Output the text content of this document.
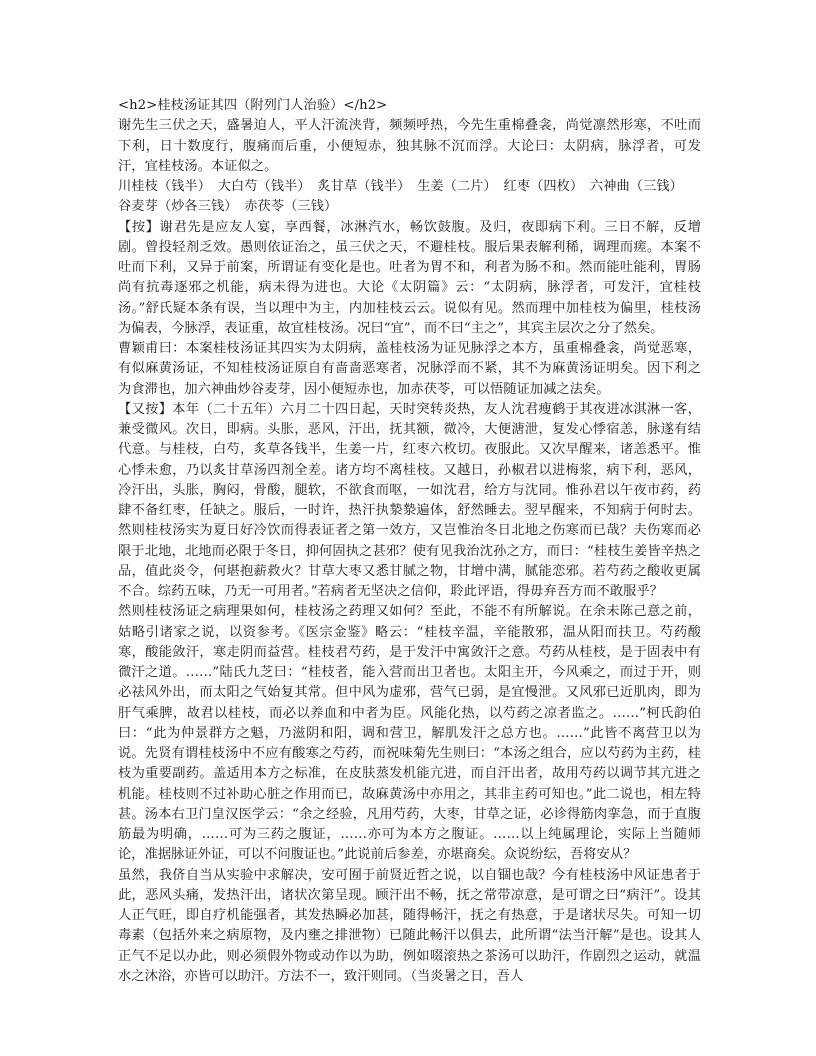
<h2>桂枝汤证其四（附列门人治验）</h2>

谢先生三伏之天，盛暑迫人，平人汗流浃背，频频呼热，今先生重棉叠衾，尚觉凛然形寒，不吐而下利，日十数度行，腹痛而后重，小便短赤，独其脉不沉而浮。大论曰：太阴病，脉浮者，可发汗，宜桂枝汤。本证似之。

川桂枝（钱半）　大白芍（钱半）　炙甘草（钱半）　生姜（二片）　红枣（四枚）　六神曲（三钱）　谷麦芽（炒各三钱）　赤茯苓（三钱）

【按】谢君先是应友人宴，享西餐，冰淋汽水，畅饮鼓腹。及归，夜即病下利。三日不解，反增剧。曾投轻剂乏效。愚则依证治之，虽三伏之天，不避桂枝。服后果表解利稀，调理而瘥。本案不吐而下利，又异于前案，所谓证有变化是也。吐者为胃不和，利者为肠不和。然而能吐能利，胃肠尚有抗毒逐邪之机能，病未得为进也。大论《太阴篇》云：“太阴病，脉浮者，可发汗，宜桂枝汤。”舒氏疑本条有误，当以理中为主，内加桂枝云云。说似有见。然而理中加桂枝为偏里，桂枝汤为偏表，今脉浮，表证重，故宜桂枝汤。况曰“宜”，而不曰“主之”，其宾主层次之分了然矣。

曹颖甫曰：本案桂枝汤证其四实为太阴病，盖桂枝汤为证见脉浮之本方，虽重棉叠衾，尚觉恶寒，有似麻黄汤证，不知桂枝汤证原自有啬啬恶寒者，况脉浮而不紧，其不为麻黄汤证明矣。因下利之为食滞也，加六神曲炒谷麦芽，因小便短赤也，加赤茯苓，可以悟随证加减之法矣。

【又按】本年（二十五年）六月二十四日起，天时突转炎热，友人沈君瘦鹤于其夜进冰淇淋一客，兼受微风。次日，即病。头胀，恶风，汗出，抚其额，微冷，大便溏泄，复发心悸宿恙，脉遂有结代意。与桂枝，白芍，炙草各钱半，生姜一片，红枣六枚切。夜服此。又次早醒来，诸恙悉平。惟心悸未愈，乃以炙甘草汤四剂全差。诸方均不离桂枝。又越日，孙椒君以进梅浆，病下利，恶风，冷汗出，头胀，胸闷，骨酸，腿软，不欲食而呕，一如沈君，给方与沈同。惟孙君以午夜市药，药肆不备红枣，任缺之。服后，一时许，热汗执漐漐遍体，舒然睡去。翌早醒来，不知病于何时去。然则桂枝汤实为夏日好冷饮而得表证者之第一效方，又岂惟治冬日北地之伤寒而已哉？夫伤寒而必限于北地，北地而必限于冬日，抑何固执之甚邪？使有见我治沈孙之方，而曰：“桂枝生姜皆辛热之品，值此炎令，何堪抱薪救火？甘草大枣又悉甘腻之物，甘增中满，腻能恋邪。若芍药之酸收更属不合。综药五味，乃无一可用者。”若病者无坚决之信仰，聆此评语，得毋弃吾方而不敢服乎？

然则桂枝汤证之病理果如何，桂枝汤之药理又如何？至此，不能不有所解说。在余未陈己意之前，姑略引诸家之说，以资参考。《医宗金鉴》略云：“桂枝辛温，辛能散邪，温从阳而扶卫。芍药酸寒，酸能敛汗，寒走阴而益营。桂枝君芍药，是于发汗中寓敛汗之意。芍药从桂枝，是于固表中有微汗之道。……”陆氏九芝曰：“桂枝者，能入营而出卫者也。太阳主开，今风乘之，而过于开，则必祛风外出，而太阳之气始复其常。但中风为虚邪，营气已弱，是宜慢泄。又风邪已近肌肉，即为肝气乘脾，故君以桂枝，而必以养血和中者为臣。风能化热，以芍药之凉者监之。……”柯氏韵伯曰：“此为仲景群方之魁，乃滋阴和阳，调和营卫，解肌发汗之总方也。……”此皆不离营卫以为说。先贤有谓桂枝汤中不应有酸寒之芍药，而祝味菊先生则曰：“本汤之组合，应以芍药为主药，桂枝为重要副药。盖适用本方之标准，在皮肤蒸发机能亢进，而自汗出者，故用芍药以调节其亢进之机能。桂枝则不过补助心脏之作用而已，故麻黄汤中亦用之，其非主药可知也。”此二说也，相左特甚。汤本右卫门皇汉医学云：“余之经验，凡用芍药，大枣，甘草之证，必诊得筋肉挛急，而于直腹筋最为明确，……可为三药之腹证，……亦可为本方之腹证。……以上纯属理论，实际上当随师论，准据脉证外证，可以不问腹证也。”此说前后参差，亦堪商矣。众说纷纭，吾将安从？

虽然，我侪自当从实验中求解决，安可囿于前贤近哲之说，以自锢也哉？今有桂枝汤中风证患者于此，恶风头痛，发热汗出，诸状次第呈现。顾汗出不畅，抚之常带凉意，是可谓之曰“病汗”。设其人正气旺，即自疗机能强者，其发热瞬必加甚，随得畅汗，抚之有热意，于是诸状尽失。可知一切毒素（包括外来之病原物，及内壅之排泄物）已随此畅汗以俱去，此所谓“法当汗解”是也。设其人正气不足以办此，则必须假外物或动作以为助，例如啜滚热之茶汤可以助汗，作剧烈之运动，就温水之沐浴，亦皆可以助汗。方法不一，致汗则同。（当炎暑之日，吾人
